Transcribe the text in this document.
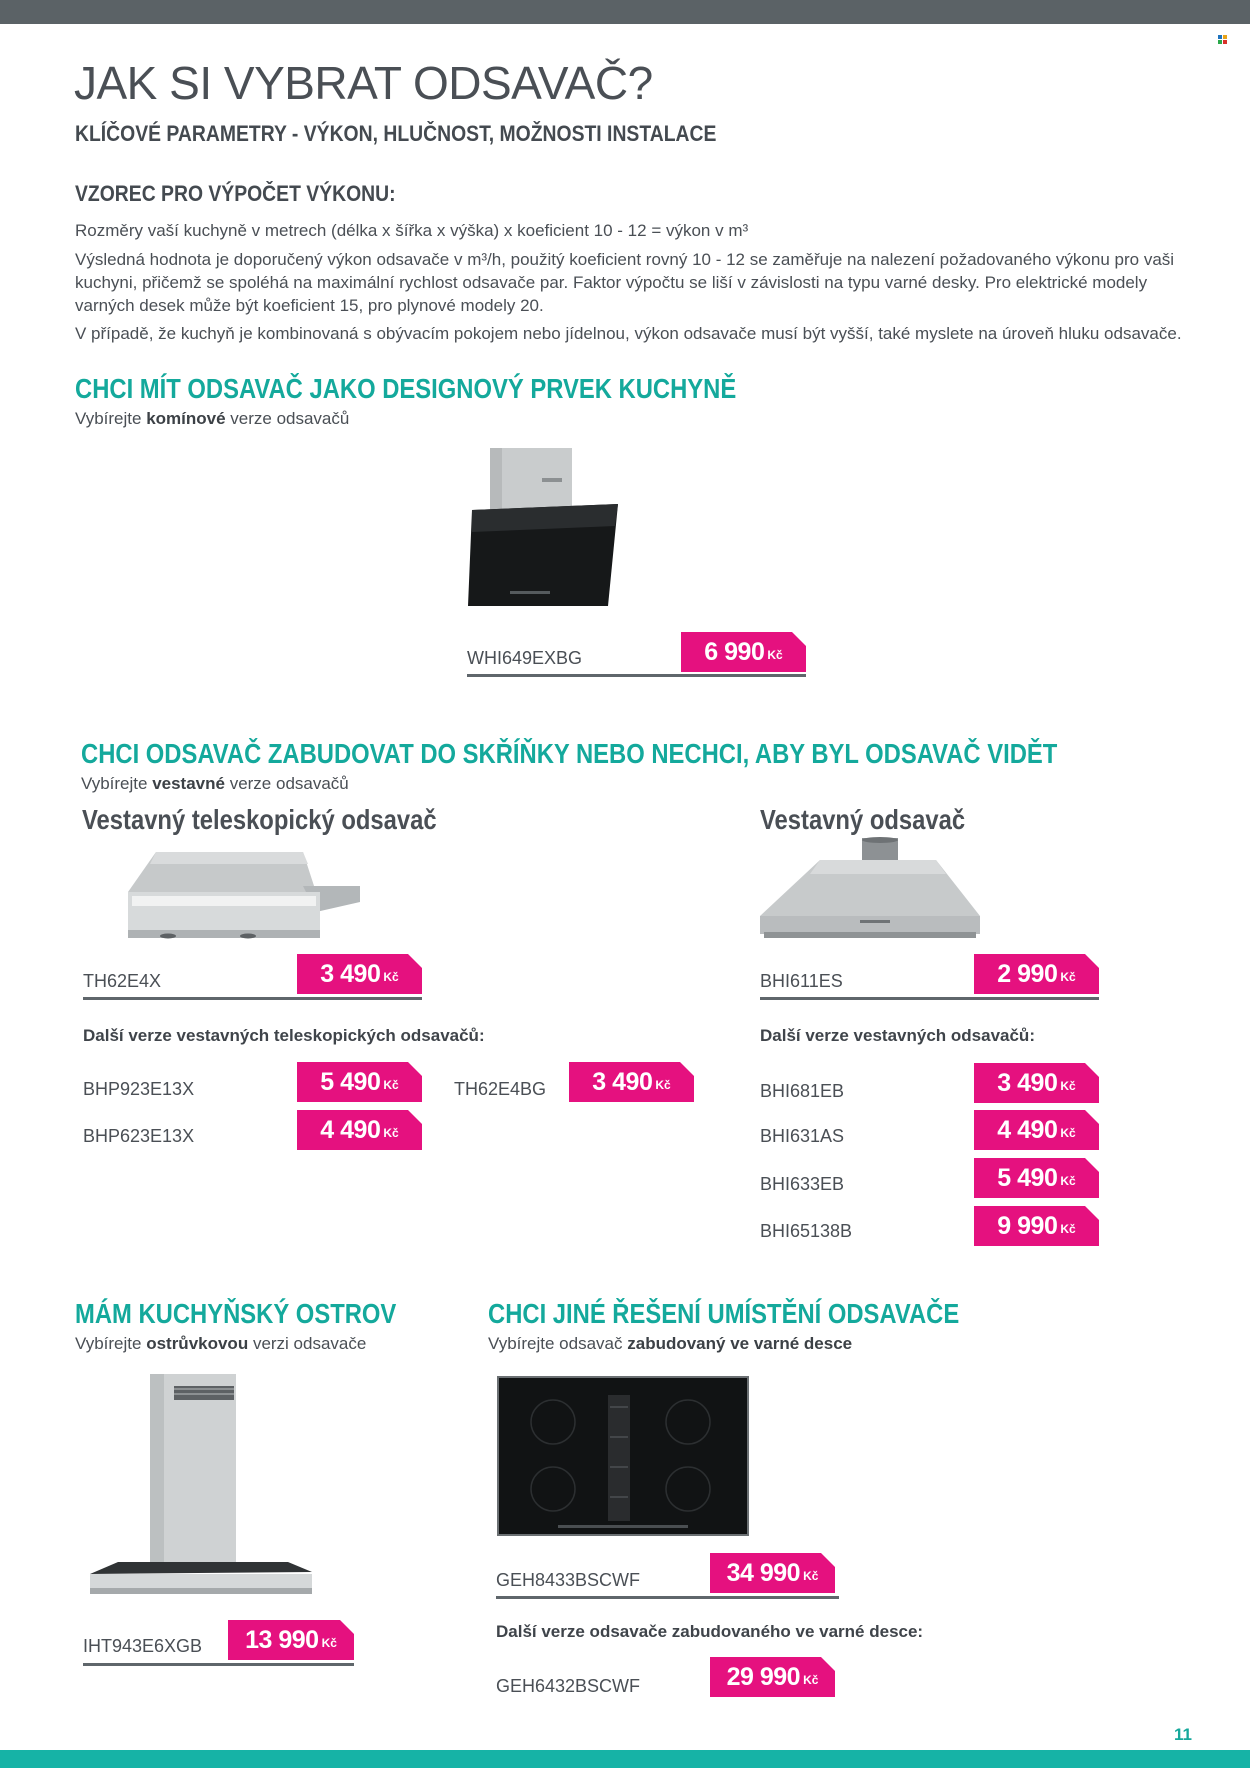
JAK SI VYBRAT ODSAVAČ?
KLÍČOVÉ PARAMETRY - VÝKON, HLUČNOST, MOŽNOSTI INSTALACE
VZOREC PRO VÝPOČET VÝKONU:
Rozměry vaší kuchyně v metrech (délka x šířka x výška) x koeficient 10 - 12 = výkon v m³
Výsledná hodnota je doporučený výkon odsavače v m³/h, použitý koeficient rovný 10 - 12 se zaměřuje na nalezení požadovaného výkonu pro vaši kuchyni, přičemž se spoléhá na maximální rychlost odsavače par. Faktor výpočtu se liší v závislosti na typu varné desky. Pro elektrické modely varných desek může být koeficient 15, pro plynové modely 20.
V případě, že kuchyň je kombinovaná s obývacím pokojem nebo jídelnou, výkon odsavače musí být vyšší, také myslete na úroveň hluku odsavače.
CHCI MÍT ODSAVAČ JAKO DESIGNOVÝ PRVEK KUCHYNĚ
Vybírejte komínové verze odsavačů
WHI649EXBG	6 990 Kč
CHCI ODSAVAČ ZABUDOVAT DO SKŘÍŇKY NEBO NECHCI, ABY BYL ODSAVAČ VIDĚT
Vybírejte vestavné verze odsavačů
Vestavný teleskopický odsavač
TH62E4X	3 490 Kč
Další verze vestavných teleskopických odsavačů:
BHP923E13X	5 490 Kč
BHP623E13X	4 490 Kč
TH62E4BG 3 490 Kč
Vestavný odsavač
BHI611ES	2 990 Kč
Další verze vestavných odsavačů:
BHI681EB	3 490 Kč
BHI631AS	4 490 Kč
BHI633EB	5 490 Kč
BHI65138B	9 990 Kč
MÁM KUCHYŇSKÝ OSTROV
Vybírejte ostrůvkovou verzi odsavače
IHT943E6XGB 13 990 Kč
CHCI JINÉ ŘEŠENÍ UMÍSTĚNÍ ODSAVAČE
Vybírejte odsavač zabudovaný ve varné desce
GEH8433BSCWF	34 990 Kč
Další verze odsavače zabudovaného ve varné desce:
GEH6432BSCWF	29 990 Kč
11
